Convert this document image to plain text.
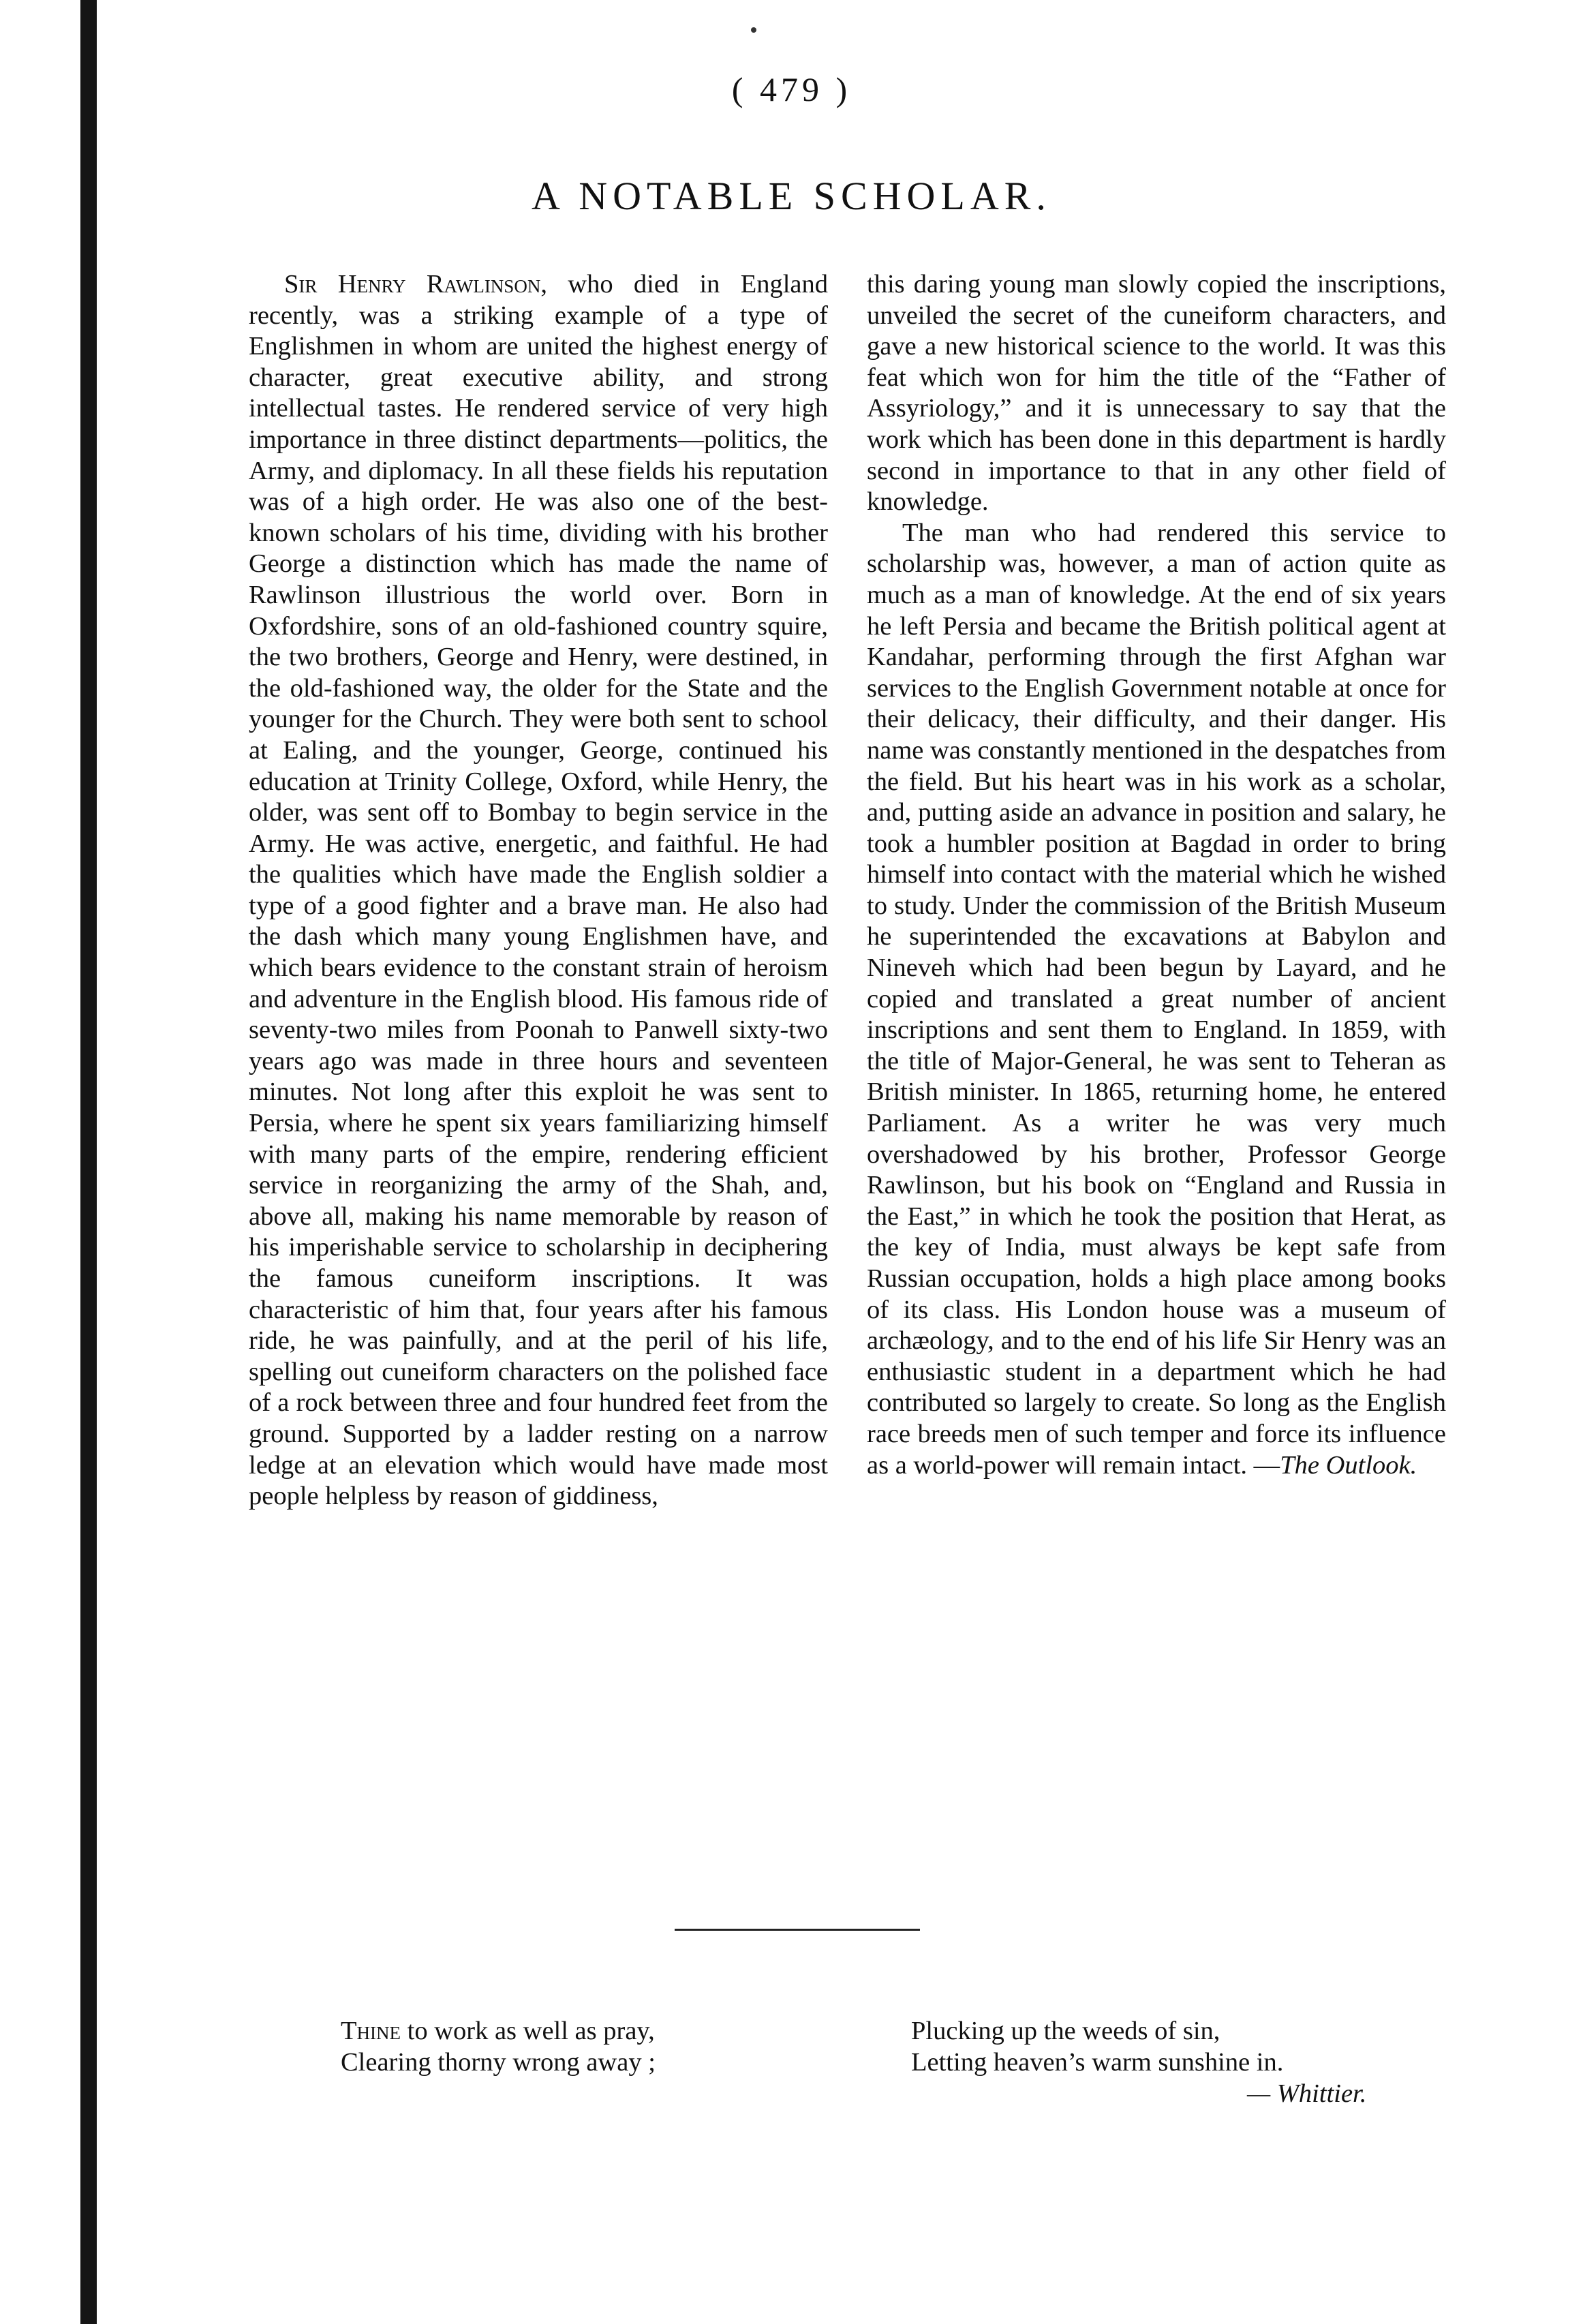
( 479 )
A NOTABLE SCHOLAR.

Sir Henry Rawlinson, who died in England recently, was a striking example of a type of Englishmen in whom are united the highest energy of character, great executive ability, and strong intellectual tastes. He rendered service of very high importance in three distinct departments—politics, the Army, and diplomacy. In all these fields his reputation was of a high order. He was also one of the best-known scholars of his time, dividing with his brother George a distinction which has made the name of Rawlinson illustrious the world over. Born in Oxfordshire, sons of an old-fashioned country squire, the two brothers, George and Henry, were destined, in the old-fashioned way, the older for the State and the younger for the Church. They were both sent to school at Ealing, and the younger, George, continued his education at Trinity College, Oxford, while Henry, the older, was sent off to Bombay to begin service in the Army. He was active, energetic, and faithful. He had the qualities which have made the English soldier a type of a good fighter and a brave man. He also had the dash which many young Englishmen have, and which bears evidence to the constant strain of heroism and adventure in the English blood. His famous ride of seventy-two miles from Poonah to Panwell sixty-two years ago was made in three hours and seventeen minutes. Not long after this exploit he was sent to Persia, where he spent six years familiarizing himself with many parts of the empire, rendering efficient service in reorganizing the army of the Shah, and, above all, making his name memorable by reason of his imperishable service to scholarship in deciphering the famous cuneiform inscriptions. It was characteristic of him that, four years after his famous ride, he was painfully, and at the peril of his life, spelling out cuneiform characters on the polished face of a rock between three and four hundred feet from the ground. Supported by a ladder resting on a narrow ledge at an elevation which would have made most people helpless by reason of giddiness,

this daring young man slowly copied the inscriptions, unveiled the secret of the cuneiform characters, and gave a new historical science to the world. It was this feat which won for him the title of the “Father of Assyriology,” and it is unnecessary to say that the work which has been done in this department is hardly second in importance to that in any other field of knowledge.

The man who had rendered this service to scholarship was, however, a man of action quite as much as a man of knowledge. At the end of six years he left Persia and became the British political agent at Kandahar, performing through the first Afghan war services to the English Government notable at once for their delicacy, their difficulty, and their danger. His name was constantly mentioned in the despatches from the field. But his heart was in his work as a scholar, and, putting aside an advance in position and salary, he took a humbler position at Bagdad in order to bring himself into contact with the material which he wished to study. Under the commission of the British Museum he superintended the excavations at Babylon and Nineveh which had been begun by Layard, and he copied and translated a great number of ancient inscriptions and sent them to England. In 1859, with the title of Major-General, he was sent to Teheran as British minister. In 1865, returning home, he entered Parliament. As a writer he was very much overshadowed by his brother, Professor George Rawlinson, but his book on “England and Russia in the East,” in which he took the position that Herat, as the key of India, must always be kept safe from Russian occupation, holds a high place among books of its class. His London house was a museum of archæology, and to the end of his life Sir Henry was an enthusiastic student in a department which he had contributed so largely to create. So long as the English race breeds men of such temper and force its influence as a world-power will remain intact. —The Outlook.

Thine to work as well as pray,
Clearing thorny wrong away ;
Plucking up the weeds of sin,
Letting heaven’s warm sunshine in.
— Whittier.
